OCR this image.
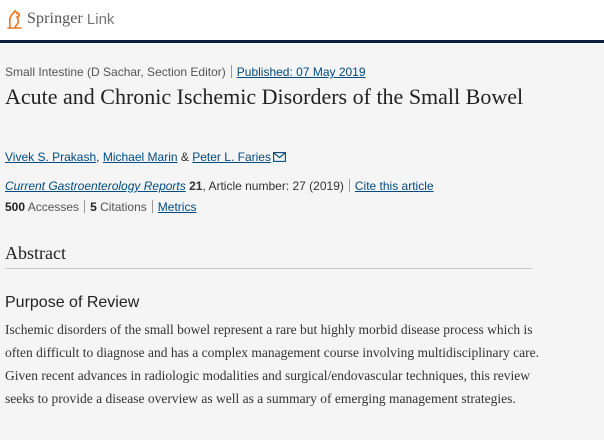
Springer Link
Small Intestine (D Sachar, Section Editor) Published: 07 May 2019
Acute and Chronic Ischemic Disorders of the Small Bowel
Vivek S. Prakash, Michael Marin & Peter L. Faries
Current Gastroenterology Reports 21, Article number: 27 (2019) Cite this article
500 Accesses 5 Citations Metrics
Abstract
Purpose of Review

Ischemic disorders of the small bowel represent a rare but highly morbid disease process which is often difficult to diagnose and has a complex management course involving multidisciplinary care. Given recent advances in radiologic modalities and surgical/endovascular techniques, this review seeks to provide a disease overview as well as a summary of emerging management strategies.
